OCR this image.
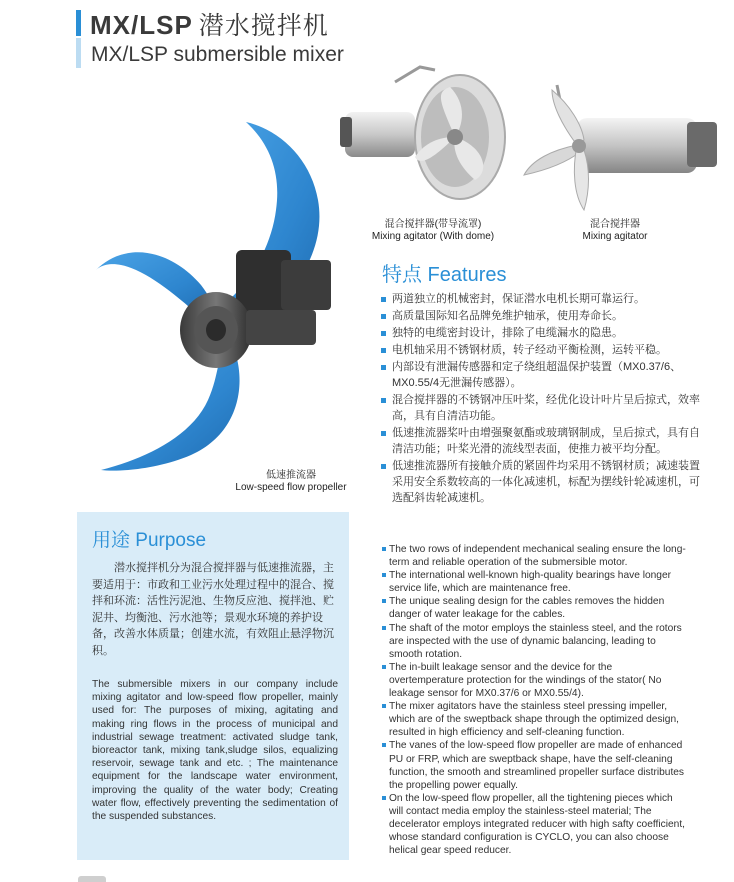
MX/LSP 潜水搅拌机
MX/LSP submersible mixer
混合搅拌器(带导流罩)
Mixing agitator (With dome)
混合搅拌器
Mixing agitator
低速推流器
Low-speed flow propeller
特点 Features
两道独立的机械密封，保证潜水电机长期可靠运行。
高质量国际知名品牌免维护轴承，使用寿命长。
独特的电缆密封设计，排除了电缆漏水的隐患。
电机轴采用不锈钢材质，转子经动平衡检测，运转平稳。
内部设有泄漏传感器和定子绕组超温保护装置（MX0.37/6、MX0.55/4无泄漏传感器）。
混合搅拌器的不锈钢冲压叶桨，经优化设计叶片呈后掠式，效率高，具有自清洁功能。
低速推流器桨叶由增强聚氨酯或玻璃钢制成，呈后掠式，具有自清洁功能；叶桨光滑的流线型表面，使推力被平均分配。
低速推流器所有接触介质的紧固件均采用不锈钢材质；减速装置采用安全系数较高的一体化减速机，标配为摆线针轮减速机，可选配斜齿轮减速机。
The two rows of independent mechanical sealing ensure the long-term and reliable operation of the submersible motor.
The international well-known high-quality bearings have longer service life, which are maintenance free.
The unique sealing design for the cables removes the hidden danger of water leakage for the cables.
The shaft of the motor employs the stainless steel, and the rotors are inspected with the use of dynamic balancing, leading to smooth rotation.
The in-built leakage sensor and the device for the overtemperature protection for the windings of the stator( No leakage sensor for MX0.37/6 or MX0.55/4).
The mixer agitators have the stainless steel pressing impeller, which are of the sweptback shape through the optimized design, resulted in high efficiency and self-cleaning function.
The vanes of the low-speed flow propeller are made of enhanced PU or FRP, which are sweptback shape, have the self-cleaning function, the smooth and streamlined propeller surface distributes the propelling power equally.
On the low-speed flow propeller, all the tightening pieces which will contact media employ the stainless-steel material; The decelerator employs integrated reducer with high safty coefficient, whose standard configuration is CYCLO, you can also choose helical gear speed reducer.
用途 Purpose

潜水搅拌机分为混合搅拌器与低速推流器，主要适用于：市政和工业污水处理过程中的混合、搅拌和环流：活性污泥池、生物反应池、搅拌池、贮泥井、均衡池、污水池等；景观水环境的养护设备，改善水体质量；创建水流，有效阻止悬浮物沉积。

The submersible mixers in our company include mixing agitator and low-speed flow propeller, mainly used for: The purposes of mixing, agitating and making ring flows in the process of municipal and industrial sewage treatment: activated sludge tank, bioreactor tank, mixing tank,sludge silos, equalizing reservoir, sewage tank and etc. ; The maintenance equipment for the landscape water environment, improving the quality of the water body; Creating water flow, effectively preventing the sedimentation of the suspended substances.
